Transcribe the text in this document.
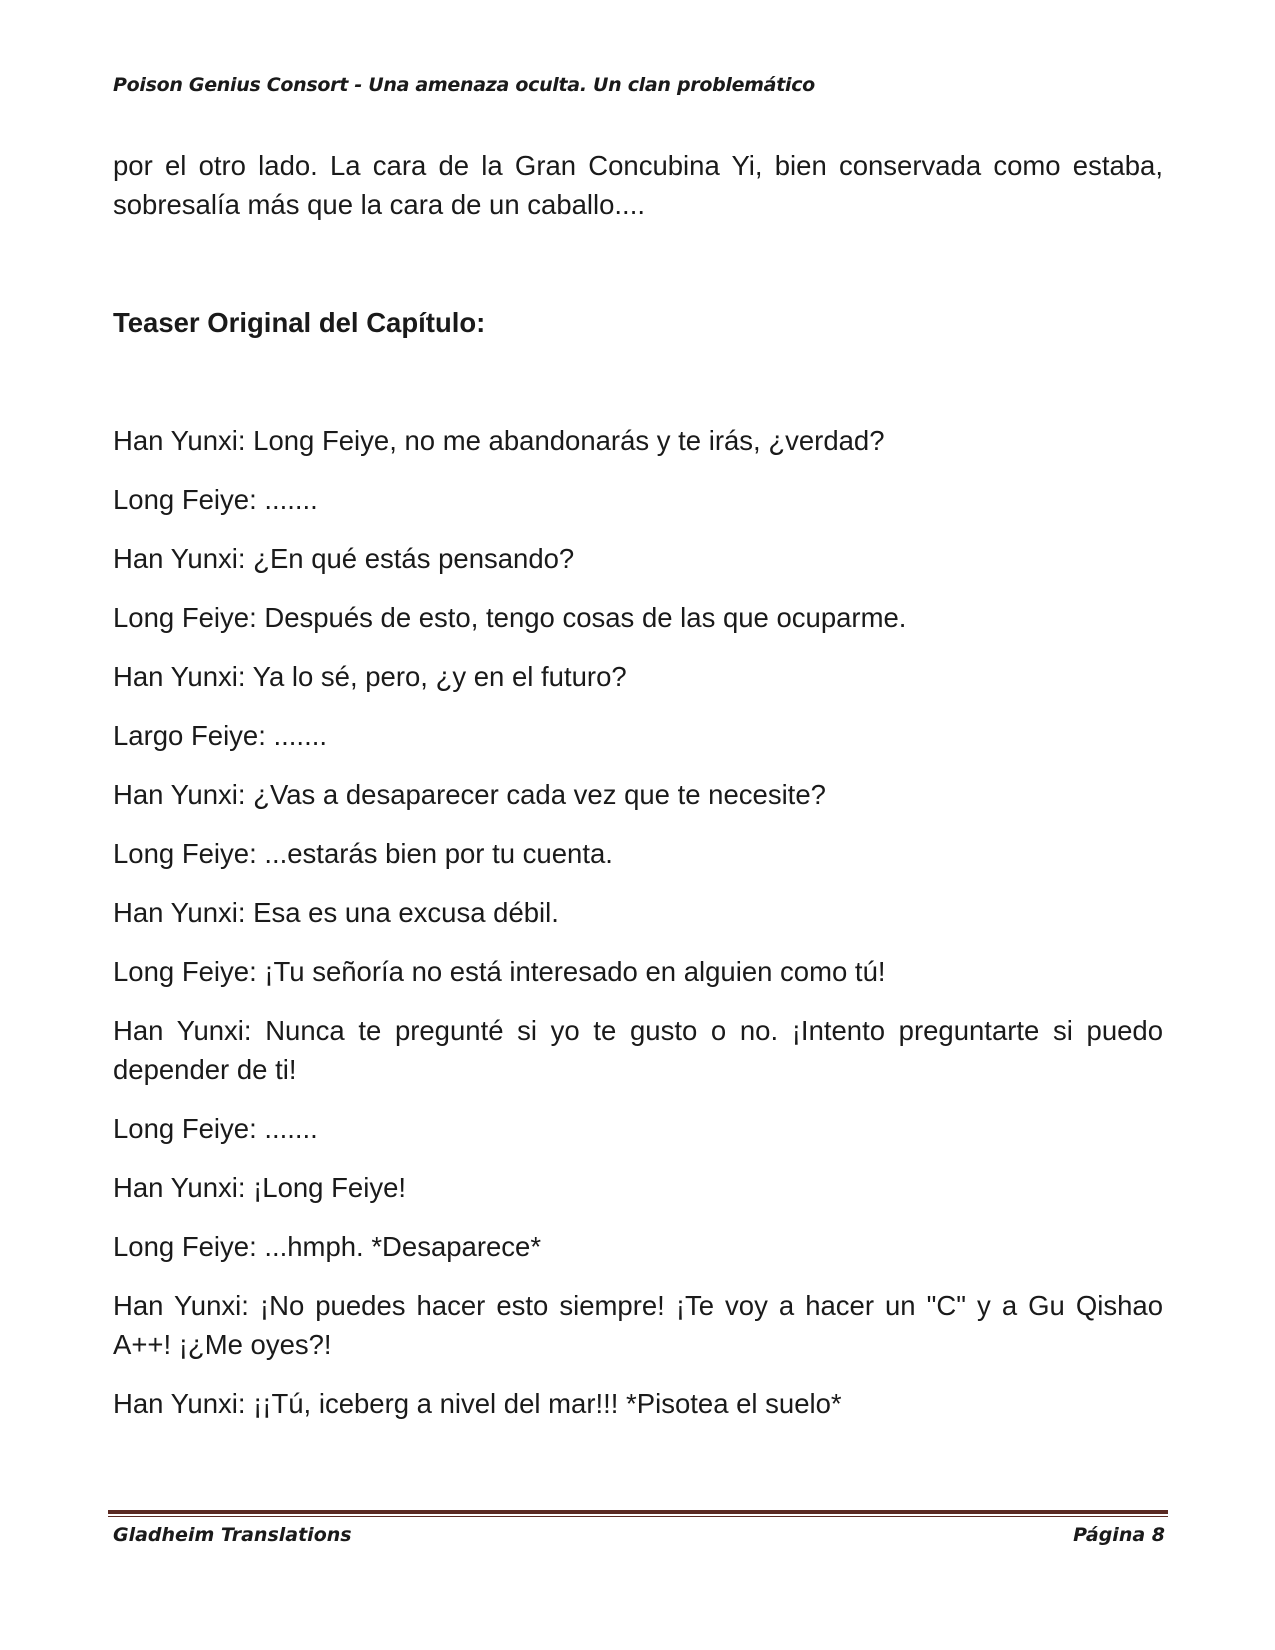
Poison Genius Consort - Una amenaza oculta. Un clan problemático

por el otro lado. La cara de la Gran Concubina Yi, bien conservada como estaba, sobresalía más que la cara de un caballo....

Teaser Original del Capítulo:

Han Yunxi: Long Feiye, no me abandonarás y te irás, ¿verdad?

Long Feiye: .......

Han Yunxi: ¿En qué estás pensando?

Long Feiye: Después de esto, tengo cosas de las que ocuparme.

Han Yunxi: Ya lo sé, pero, ¿y en el futuro?

Largo Feiye: .......

Han Yunxi: ¿Vas a desaparecer cada vez que te necesite?

Long Feiye: ...estarás bien por tu cuenta.

Han Yunxi: Esa es una excusa débil.

Long Feiye: ¡Tu señoría no está interesado en alguien como tú!

Han Yunxi: Nunca te pregunté si yo te gusto o no. ¡Intento preguntarte si puedo depender de ti!

Long Feiye: .......

Han Yunxi: ¡Long Feiye!

Long Feiye: ...hmph. *Desaparece*

Han Yunxi: ¡No puedes hacer esto siempre! ¡Te voy a hacer un "C" y a Gu Qishao A++! ¡¿Me oyes?!

Han Yunxi: ¡¡Tú, iceberg a nivel del mar!!! *Pisotea el suelo*

Gladheim Translations	Página 8
